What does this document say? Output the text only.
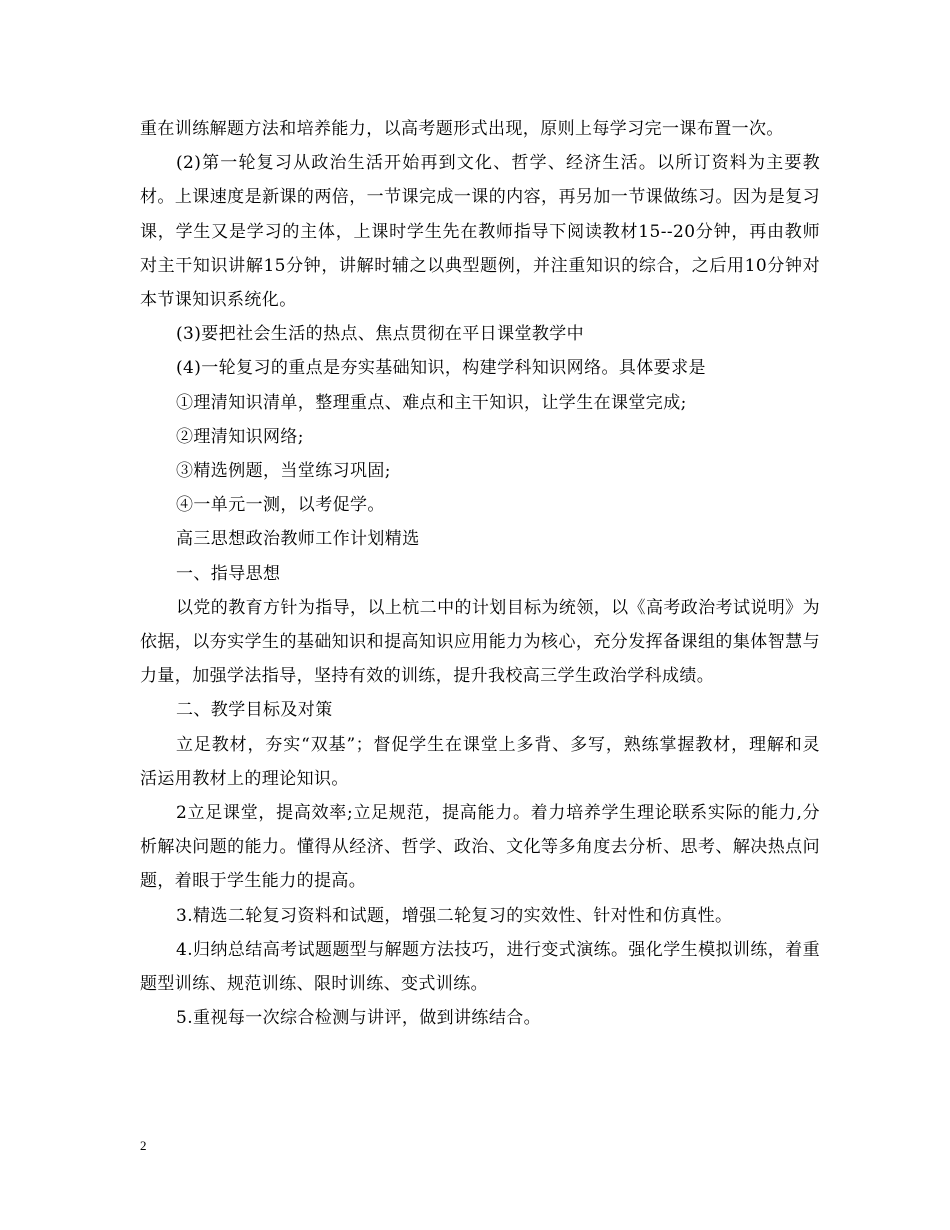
重在训练解题方法和培养能力，以高考题形式出现，原则上每学习完一课布置一次。

(2)第一轮复习从政治生活开始再到文化、哲学、经济生活。以所订资料为主要教材。上课速度是新课的两倍，一节课完成一课的内容，再另加一节课做练习。因为是复习课，学生又是学习的主体，上课时学生先在教师指导下阅读教材15--20分钟，再由教师对主干知识讲解15分钟，讲解时辅之以典型题例，并注重知识的综合，之后用10分钟对本节课知识系统化。

(3)要把社会生活的热点、焦点贯彻在平日课堂教学中

(4)一轮复习的重点是夯实基础知识，构建学科知识网络。具体要求是

①理清知识清单，整理重点、难点和主干知识，让学生在课堂完成;

②理清知识网络;

③精选例题，当堂练习巩固;

④一单元一测，以考促学。

高三思想政治教师工作计划精选

一、指导思想

以党的教育方针为指导，以上杭二中的计划目标为统领，以《高考政治考试说明》为依据，以夯实学生的基础知识和提高知识应用能力为核心，充分发挥备课组的集体智慧与力量，加强学法指导，坚持有效的训练，提升我校高三学生政治学科成绩。

二、教学目标及对策

立足教材，夯实“双基”；督促学生在课堂上多背、多写，熟练掌握教材，理解和灵活运用教材上的理论知识。

2立足课堂，提高效率;立足规范，提高能力。着力培养学生理论联系实际的能力,分析解决问题的能力。懂得从经济、哲学、政治、文化等多角度去分析、思考、解决热点问题，着眼于学生能力的提高。

3.精选二轮复习资料和试题，增强二轮复习的实效性、针对性和仿真性。

4.归纳总结高考试题题型与解题方法技巧，进行变式演练。强化学生模拟训练，着重题型训练、规范训练、限时训练、变式训练。

5.重视每一次综合检测与讲评，做到讲练结合。

2
